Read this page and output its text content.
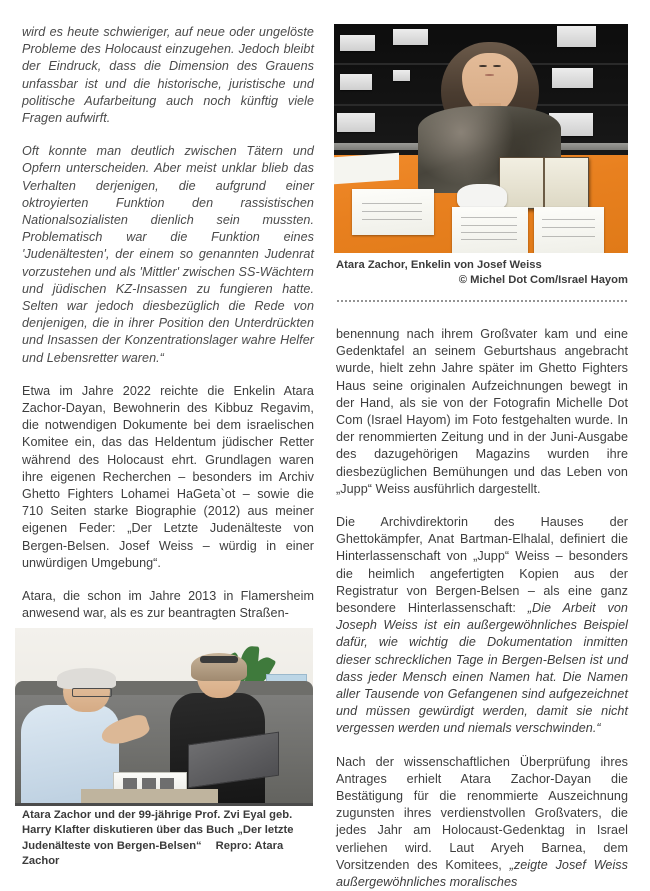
wird es heute schwieriger, auf neue oder ungelöste Probleme des Holocaust einzugehen. Jedoch bleibt der Eindruck, dass die Dimension des Grauens unfassbar ist und die historische, juristische und politische Aufarbeitung auch noch künftig viele Fragen aufwirft.

Oft konnte man deutlich zwischen Tätern und Opfern unterscheiden. Aber meist unklar blieb das Verhalten derjenigen, die aufgrund einer oktroyierten Funktion den rassistischen Nationalsozialisten dienlich sein mussten. Problematisch war die Funktion eines 'Judenältesten', der einem so genannten Judenrat vorzustehen und als 'Mittler' zwischen SS-Wächtern und jüdischen KZ-Insassen zu fungieren hatte. Selten war jedoch diesbezüglich die Rede von denjenigen, die in ihrer Position den Unterdrückten und Insassen der Konzentrationslager wahre Helfer und Lebensretter waren.“

Etwa im Jahre 2022 reichte die Enkelin Atara Zachor-Dayan, Bewohnerin des Kibbuz Regavim, die notwendigen Dokumente bei dem israelischen Komitee ein, das das Heldentum jüdischer Retter während des Holocaust ehrt. Grundlagen waren ihre eigenen Recherchen – besonders im Archiv Ghetto Fighters Lohamei HaGeta`ot – sowie die 710 Seiten starke Biographie (2012) aus meiner eigenen Feder: „Der Letzte Judenälteste von Bergen-Belsen. Josef Weiss – würdig in einer unwürdigen Umgebung“.

Atara, die schon im Jahre 2013 in Flamersheim anwesend war, als es zur beantragten Straßen-

Atara Zachor, Enkelin von Josef Weiss
© Michel Dot Com/Israel Hayom

benennung nach ihrem Großvater kam und eine Gedenktafel an seinem Geburtshaus angebracht wurde, hielt zehn Jahre später im Ghetto Fighters Haus seine originalen Aufzeichnungen bewegt in der Hand, als sie von der Fotografin Michelle Dot Com (Israel Hayom) im Foto festgehalten wurde. In der renommierten Zeitung und in der Juni-Ausgabe des dazugehörigen Magazins wurden ihre diesbezüglichen Bemühungen und das Leben von „Jupp“ Weiss ausführlich dargestellt.

Die Archivdirektorin des Hauses der Ghettokämpfer, Anat Bartman-Elhalal, definiert die Hinterlassenschaft von „Jupp“ Weiss – besonders die heimlich angefertigten Kopien aus der Registratur von Bergen-Belsen – als eine ganz besondere Hinterlassenschaft: „Die Arbeit von Joseph Weiss ist ein außergewöhnliches Beispiel dafür, wie wichtig die Dokumentation inmitten dieser schrecklichen Tage in Bergen-Belsen ist und dass jeder Mensch einen Namen hat. Die Namen aller Tausende von Gefangenen sind aufgezeichnet und müssen gewürdigt werden, damit sie nicht vergessen werden und niemals verschwinden.“

Nach der wissenschaftlichen Überprüfung ihres Antrages erhielt Atara Zachor-Dayan die Bestätigung für die renommierte Auszeichnung zugunsten ihres verdienstvollen Großvaters, die jedes Jahr am Holocaust-Gedenktag in Israel verliehen wird. Laut Aryeh Barnea, dem Vorsitzenden des Komitees, „zeigte Josef Weiss außergewöhnliches moralisches

Atara Zachor und der 99-jährige Prof. Zvi Eyal geb.
Harry Klafter diskutieren über das Buch „Der letzte
Judenälteste von Bergen-Belsen“ Repro: Atara Zachor
